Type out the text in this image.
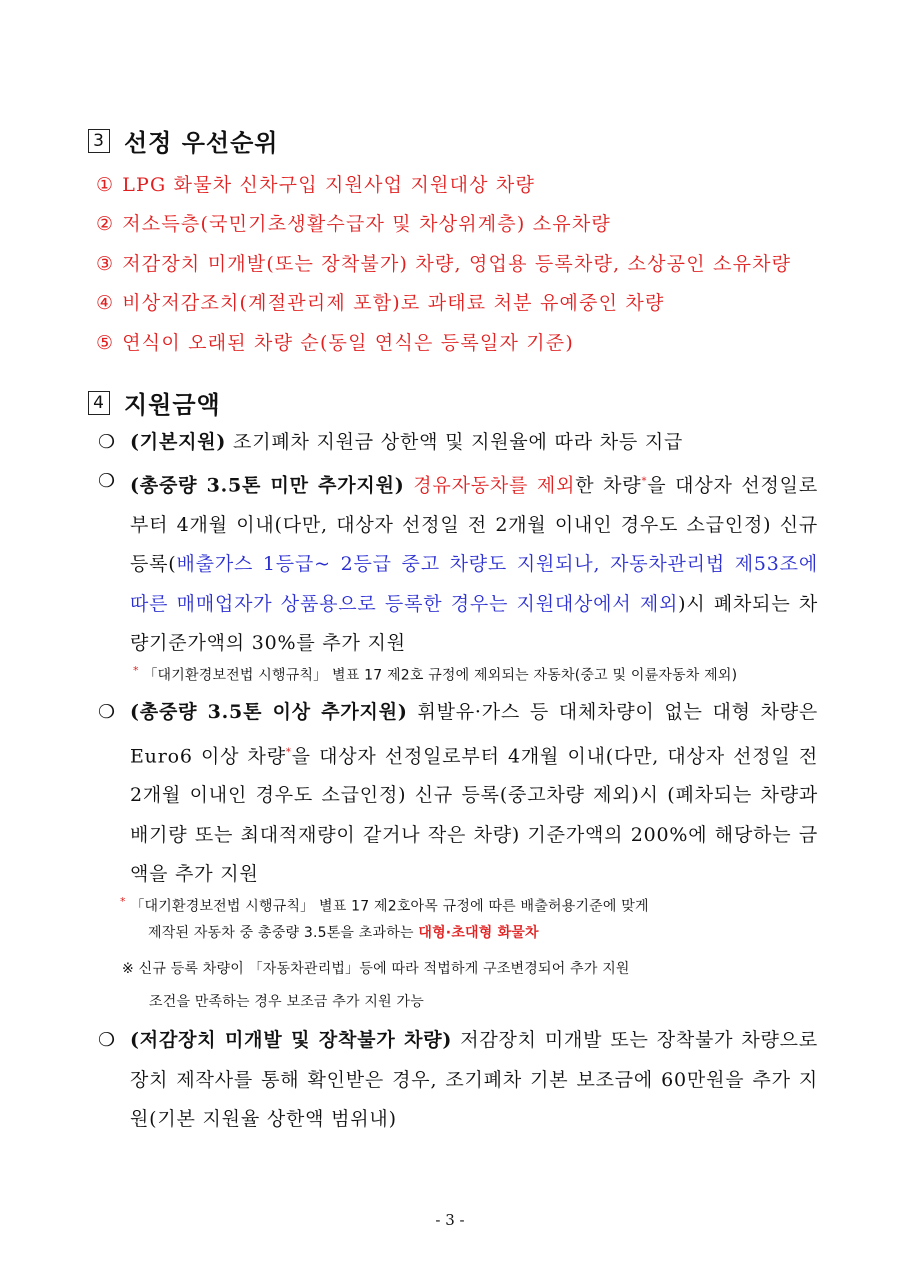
3 선정 우선순위
① LPG 화물차 신차구입 지원사업 지원대상 차량
② 저소득층(국민기초생활수급자 및 차상위계층) 소유차량
③ 저감장치 미개발(또는 장착불가) 차량, 영업용 등록차량, 소상공인 소유차량
④ 비상저감조치(계절관리제 포함)로 과태료 처분 유예중인 차량
⑤ 연식이 오래된 차량 순(동일 연식은 등록일자 기준)
4 지원금액
❍ (기본지원) 조기폐차 지원금 상한액 및 지원율에 따라 차등 지급
❍ (총중량 3.5톤 미만 추가지원) 경유자동차를 제외한 차량*을 대상자 선정일로부터 4개월 이내(다만, 대상자 선정일 전 2개월 이내인 경우도 소급인정) 신규 등록(배출가스 1등급~ 2등급 중고 차량도 지원되나, 자동차관리법 제53조에 따른 매매업자가 상품용으로 등록한 경우는 지원대상에서 제외)시 폐차되는 차량기준가액의 30%를 추가 지원
* 「대기환경보전법 시행규칙」 별표 17 제2호 규정에 제외되는 자동차(중고 및 이륜자동차 제외)
❍ (총중량 3.5톤 이상 추가지원) 휘발유·가스 등 대체차량이 없는 대형 차량은 Euro6 이상 차량*을 대상자 선정일로부터 4개월 이내(다만, 대상자 선정일 전 2개월 이내인 경우도 소급인정) 신규 등록(중고차량 제외)시 (폐차되는 차량과 배기량 또는 최대적재량이 같거나 작은 차량) 기준가액의 200%에 해당하는 금액을 추가 지원
* 「대기환경보전법 시행규칙」 별표 17 제2호아목 규정에 따른 배출허용기준에 맞게
제작된 자동차 중 총중량 3.5톤을 초과하는 대형·초대형 화물차
※ 신규 등록 차량이 「자동차관리법」등에 따라 적법하게 구조변경되어 추가 지원
조건을 만족하는 경우 보조금 추가 지원 가능
❍ (저감장치 미개발 및 장착불가 차량) 저감장치 미개발 또는 장착불가 차량으로 장치 제작사를 통해 확인받은 경우, 조기폐차 기본 보조금에 60만원을 추가 지원(기본 지원율 상한액 범위내)
- 3 -
